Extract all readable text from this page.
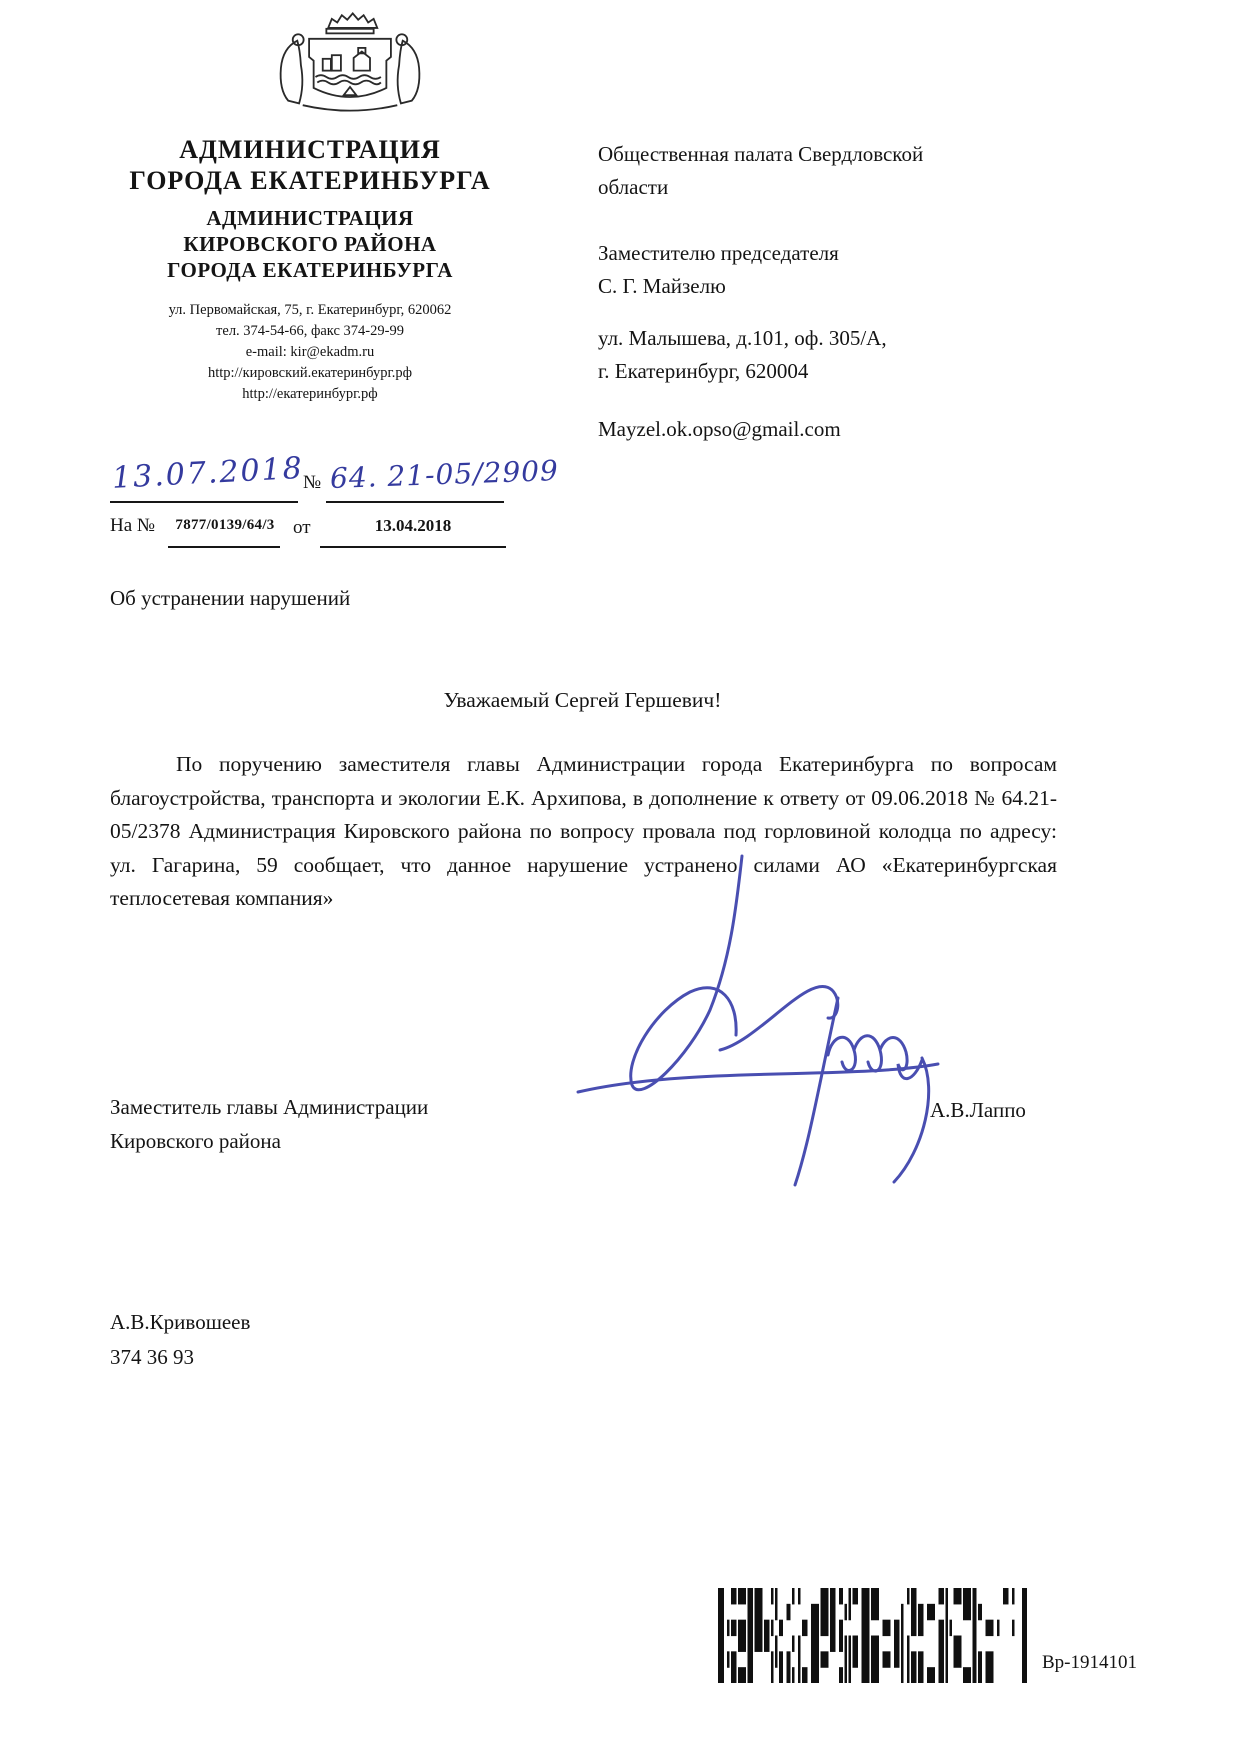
АДМИНИСТРАЦИЯ
ГОРОДА ЕКАТЕРИНБУРГА
АДМИНИСТРАЦИЯ
КИРОВСКОГО РАЙОНА
ГОРОДА ЕКАТЕРИНБУРГА
ул. Первомайская, 75, г. Екатеринбург, 620062
тел. 374-54-66, факс 374-29-99
e-mail: kir@ekadm.ru
http://кировский.екатеринбург.рф
http://екатеринбург.рф
13.07.2018
№ 64. 21-05/2909
На №	7877/0139/64/3 от	13.04.2018
Об устранении нарушений
Общественная палата Свердловской
области
Заместителю председателя
С. Г. Майзелю
ул. Малышева, д.101, оф. 305/А,
г. Екатеринбург, 620004
Mayzel.ok.opso@gmail.com
Уважаемый Сергей Гершевич!
По поручению заместителя главы Администрации города Екатеринбурга по вопросам благоустройства, транспорта и экологии Е.К. Архипова, в дополнение к ответу от 09.06.2018 № 64.21-05/2378 Администрация Кировского района по вопросу провала под горловиной колодца по адресу: ул. Гагарина, 59 сообщает, что данное нарушение устранено силами АО «Екатеринбургская теплосетевая компания»
Заместитель главы Администрации
Кировского района
А.В.Лаппо
А.В.Кривошеев
374 36 93
Вр-1914101
